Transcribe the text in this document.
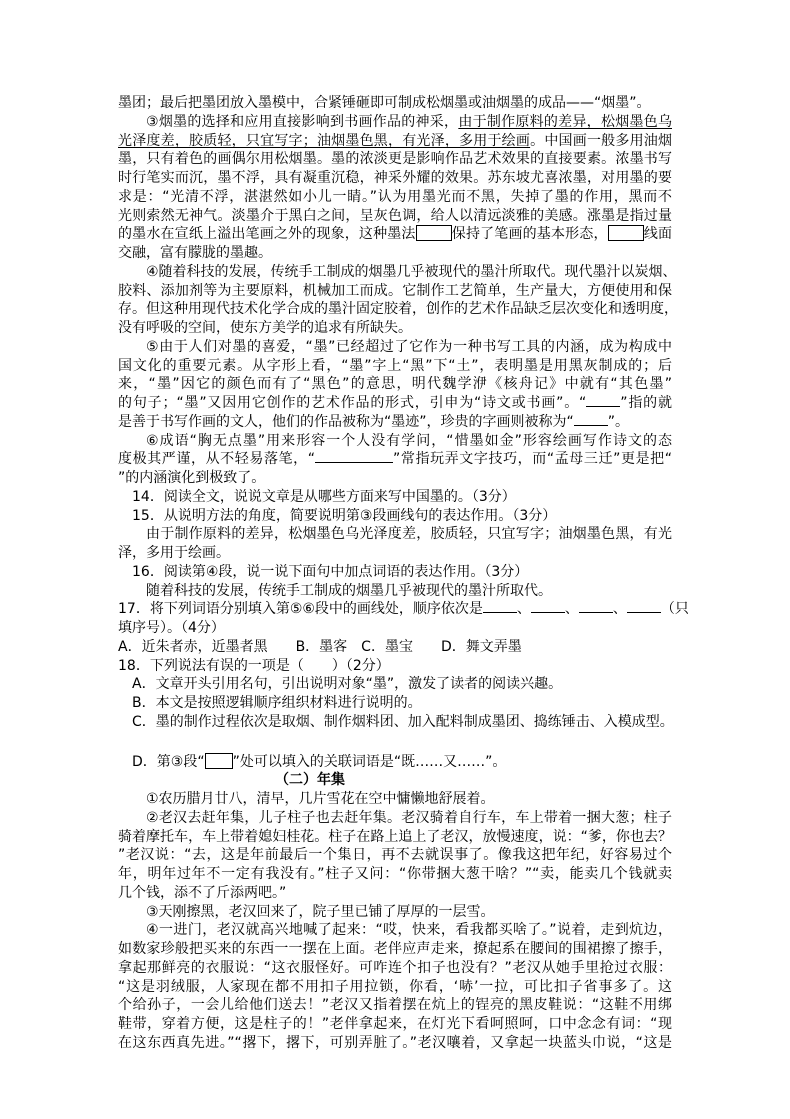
墨团；最后把墨团放入墨模中，合紧锤砸即可制成松烟墨或油烟墨的成品——“烟墨”。
③烟墨的选择和应用直接影响到书画作品的神采，由于制作原料的差异，松烟墨色乌
光泽度差，胶质轻，只宜写字；油烟墨色黑，有光泽，多用于绘画。中国画一般多用油烟
墨，只有着色的画偶尔用松烟墨。墨的浓淡更是影响作品艺术效果的直接要素。浓墨书写
时行笔实而沉，墨不浮，具有凝重沉稳，神采外耀的效果。苏东坡尤喜浓墨，对用墨的要
求是：“光清不浮，湛湛然如小儿一睛。”认为用墨光而不黑，失掉了墨的作用，黑而不
光则索然无神气。淡墨介于黑白之间，呈灰色调，给人以清远淡雅的美感。涨墨是指过量
的墨水在宣纸上溢出笔画之外的现象，这种墨法	保持了笔画的基本形态，	线面
交融，富有朦胧的墨趣。
④随着科技的发展，传统手工制成的烟墨几乎被现代的墨汁所取代。现代墨汁以炭烟、
胶料、添加剂等为主要原料，机械加工而成。它制作工艺简单，生产量大，方便使用和保
存。但这种用现代技术化学合成的墨汁固定胶着，创作的艺术作品缺乏层次变化和透明度，
没有呼吸的空间，使东方美学的追求有所缺失。
⑤由于人们对墨的喜爱，“墨”已经超过了它作为一种书写工具的内涵，成为构成中
国文化的重要元素。从字形上看，“墨”字上“黑”下“土”，表明墨是用黑灰制成的；后
来，“墨”因它的颜色而有了“黑色”的意思，明代魏学洢《核舟记》中就有“其色墨”
的句子；“墨”又因用它创作的艺术作品的形式，引申为“诗文或书画”。“ ”指的就
是善于书写作画的文人，他们的作品被称为“墨迹”，珍贵的字画则被称为“ ”。
⑥成语“胸无点墨”用来形容一个人没有学问，“惜墨如金”形容绘画写作诗文的态
度极其严谨，从不轻易落笔，“	”常指玩弄文字技巧，而“孟母三迁”更是把“
”的内涵演化到极致了。
14．阅读全文，说说文章是从哪些方面来写中国墨的。（3分）
15．从说明方法的角度，简要说明第③段画线句的表达作用。（3分）
由于制作原料的差异，松烟墨色乌光泽度差，胶质轻，只宜写字；油烟墨色黑，有光
泽，多用于绘画。
16．阅读第④段，说一说下面句中加点词语的表达作用。（3分）
随着科技的发展，传统手工制成的烟墨几乎被现代的墨汁所取代。
17．将下列词语分别填入第⑤⑥段中的画线处，顺序依次是 、 、 、 （只
填序号）。（4分）
A．近朱者赤，近墨者黑　　B．墨客　C．墨宝　　D．舞文弄墨
18．下列说法有误的一项是（　　）（2分）
A．文章开头引用名句，引出说明对象“墨”，激发了读者的阅读兴趣。
B．本文是按照逻辑顺序组织材料进行说明的。
C．墨的制作过程依次是取烟、制作烟料团、加入配料制成墨团、捣练锤击、入模成型。
D．第③段“ ”处可以填入的关联词语是“既……又……”。
（二）年集
①农历腊月廿八，清早，几片雪花在空中慵懒地舒展着。
②老汉去赶年集，儿子柱子也去赶年集。老汉骑着自行车，车上带着一捆大葱；柱子
骑着摩托车，车上带着媳妇桂花。柱子在路上追上了老汉，放慢速度，说：“爹，你也去？
”老汉说：“去，这是年前最后一个集日，再不去就误事了。像我这把年纪，好容易过个
年，明年过年不一定有我没有。”柱子又问：“你带捆大葱干啥？”“卖，能卖几个钱就卖
几个钱，添不了斤添两吧。”
③天刚擦黑，老汉回来了，院子里已铺了厚厚的一层雪。
④一进门，老汉就高兴地喊了起来：“哎，快来，看我都买啥了。”说着，走到炕边，
如数家珍般把买来的东西一一摆在上面。老伴应声走来，撩起系在腰间的围裙擦了擦手，
拿起那鲜亮的衣服说：“这衣服怪好。可咋连个扣子也没有？”老汉从她手里抢过衣服：
“这是羽绒服，人家现在都不用扣子用拉锁，你看，‘哧’一拉，可比扣子省事多了。这
个给孙子，一会儿给他们送去！”老汉又指着摆在炕上的锃亮的黑皮鞋说：“这鞋不用绑
鞋带，穿着方便，这是柱子的！”老伴拿起来，在灯光下看呵照呵，口中念念有词：“现
在这东西真先进。”“撂下，撂下，可别弄脏了。”老汉嚷着，又拿起一块蓝头巾说，“这是
